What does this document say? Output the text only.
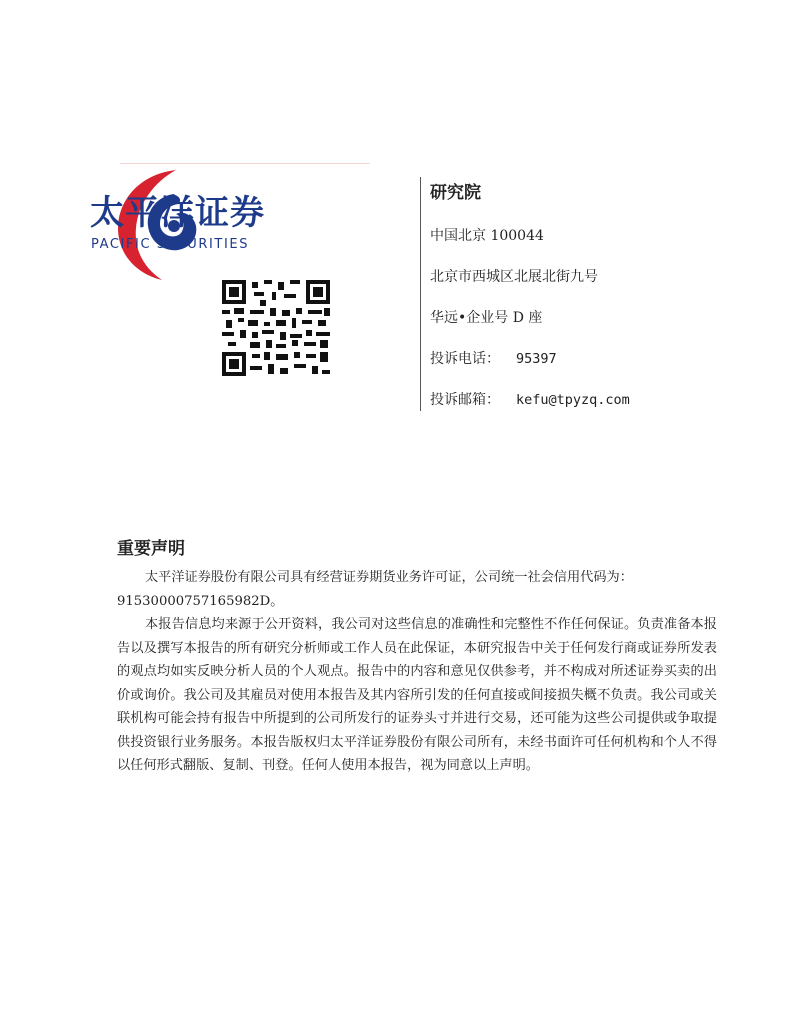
太平洋证券
PACIFIC SECURITIES
研究院
中国北京 100044
北京市西城区北展北街九号
华远•企业号 D 座
投诉电话： 95397
投诉邮箱： kefu@tpyzq.com
重要声明

太平洋证券股份有限公司具有经营证券期货业务许可证，公司统一社会信用代码为：

91530000757165982D。

本报告信息均来源于公开资料，我公司对这些信息的准确性和完整性不作任何保证。负责准备本报告以及撰写本报告的所有研究分析师或工作人员在此保证，本研究报告中关于任何发行商或证券所发表的观点均如实反映分析人员的个人观点。报告中的内容和意见仅供参考，并不构成对所述证券买卖的出价或询价。我公司及其雇员对使用本报告及其内容所引发的任何直接或间接损失概不负责。我公司或关联机构可能会持有报告中所提到的公司所发行的证券头寸并进行交易，还可能为这些公司提供或争取提供投资银行业务服务。本报告版权归太平洋证券股份有限公司所有，未经书面许可任何机构和个人不得以任何形式翻版、复制、刊登。任何人使用本报告，视为同意以上声明。
